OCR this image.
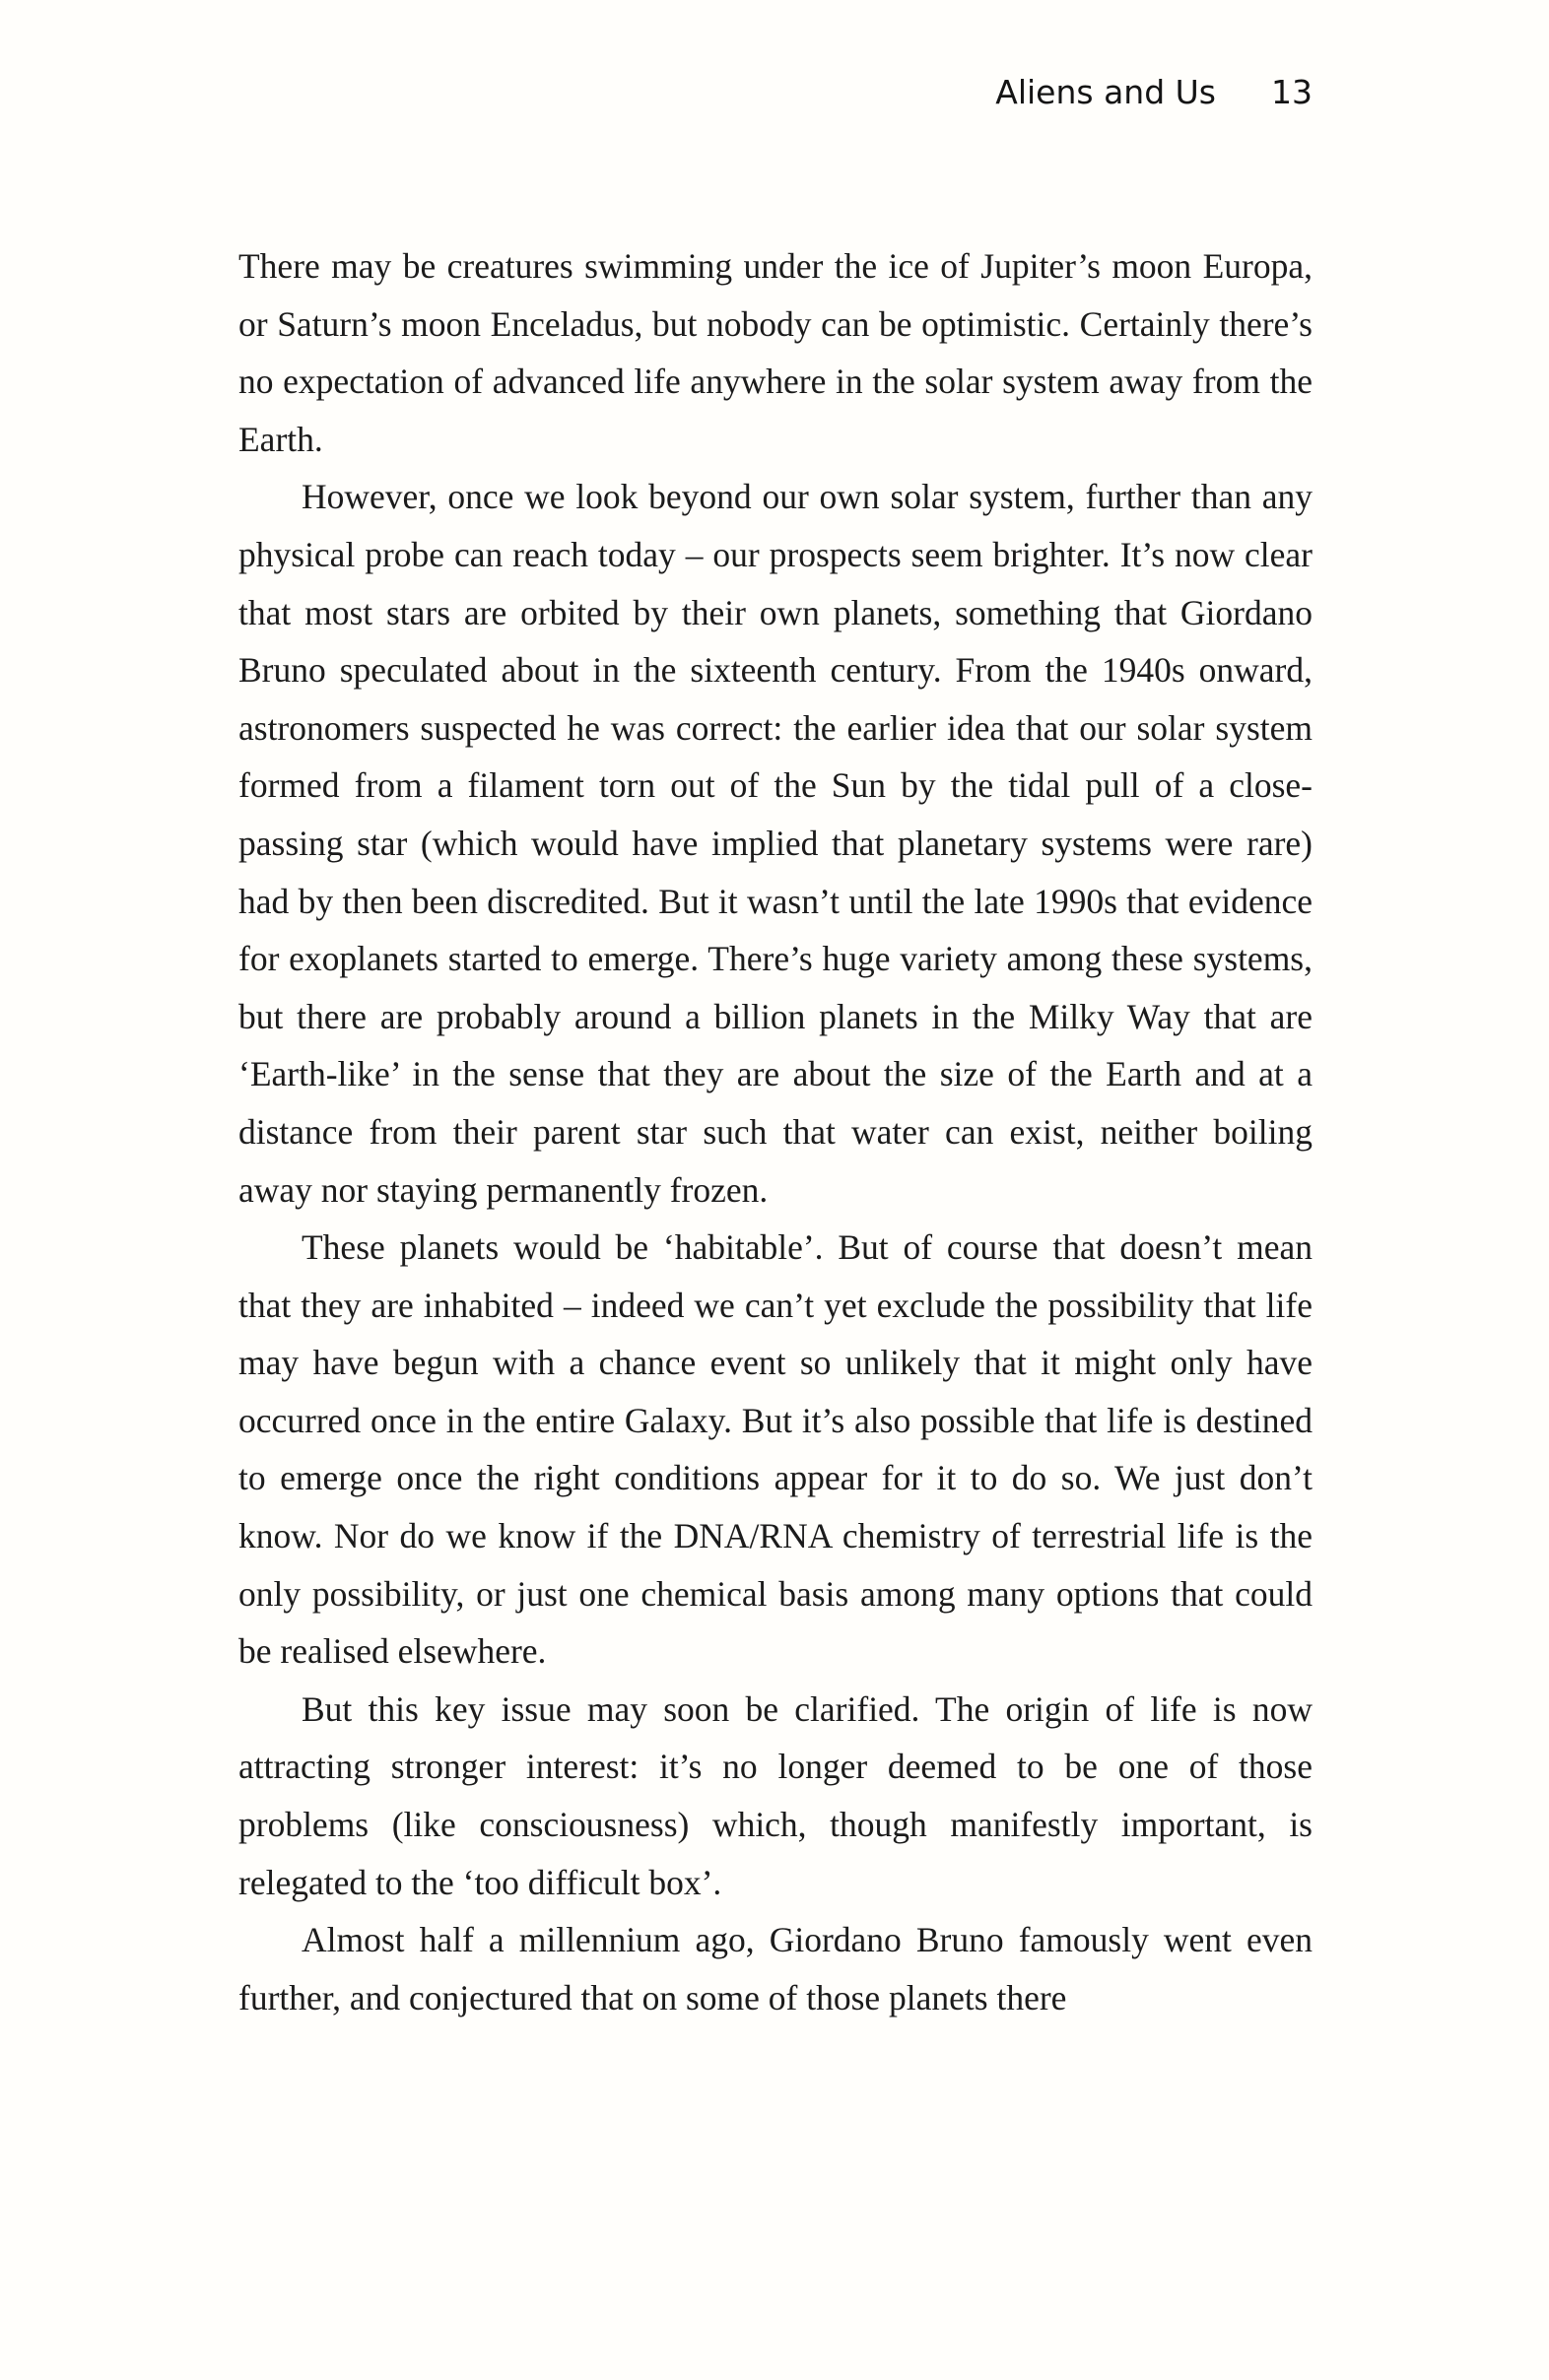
Aliens and Us 13

There may be creatures swimming under the ice of Jupiter’s moon Europa, or Saturn’s moon Enceladus, but nobody can be optimistic. Certainly there’s no expectation of advanced life anywhere in the solar system away from the Earth.

However, once we look beyond our own solar system, further than any physical probe can reach today – our prospects seem brighter. It’s now clear that most stars are orbited by their own planets, something that Giordano Bruno speculated about in the sixteenth century. From the 1940s onward, astronomers suspected he was correct: the earlier idea that our solar system formed from a filament torn out of the Sun by the tidal pull of a close-passing star (which would have implied that planetary systems were rare) had by then been discredited. But it wasn’t until the late 1990s that evidence for exoplanets started to emerge. There’s huge variety among these systems, but there are probably around a billion planets in the Milky Way that are ‘Earth-like’ in the sense that they are about the size of the Earth and at a distance from their parent star such that water can exist, neither boiling away nor staying permanently frozen.

These planets would be ‘habitable’. But of course that doesn’t mean that they are inhabited – indeed we can’t yet exclude the possibility that life may have begun with a chance event so unlikely that it might only have occurred once in the entire Galaxy. But it’s also possible that life is destined to emerge once the right conditions appear for it to do so. We just don’t know. Nor do we know if the DNA/RNA chemistry of terrestrial life is the only possibility, or just one chemical basis among many options that could be realised elsewhere.

But this key issue may soon be clarified. The origin of life is now attracting stronger interest: it’s no longer deemed to be one of those problems (like consciousness) which, though manifestly important, is relegated to the ‘too difficult box’.

Almost half a millennium ago, Giordano Bruno famously went even further, and conjectured that on some of those planets there
